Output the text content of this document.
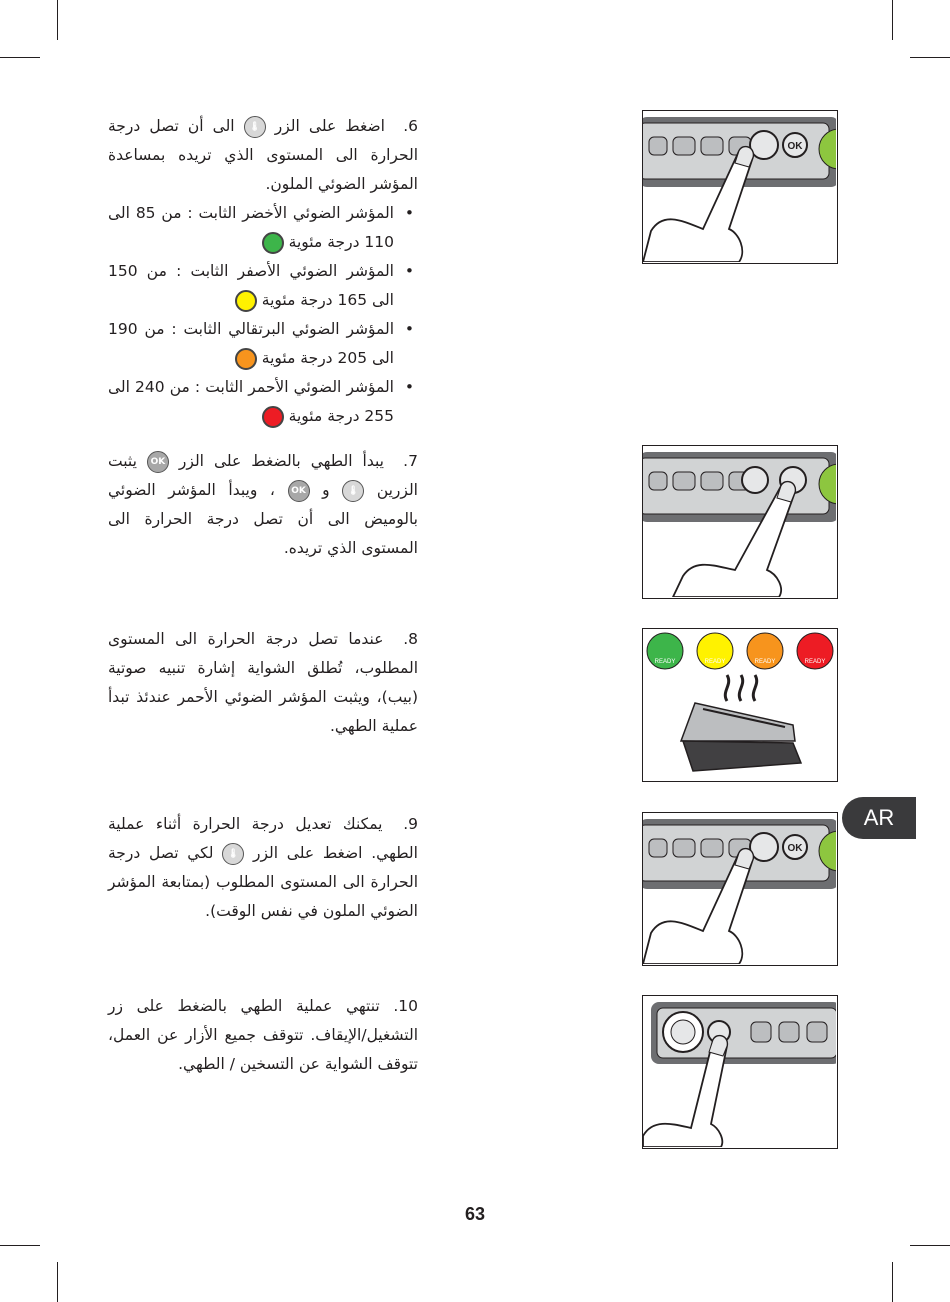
6. اضغط على الزر 🌡 الى أن تصل درجة الحرارة الى المستوى الذي تريده بمساعدة المؤشر الضوئي الملون.

• المؤشر الضوئي الأخضر الثابت : من 85 الى 110 درجة مئوية
• المؤشر الضوئي الأصفر الثابت : من 150 الى 165 درجة مئوية
• المؤشر الضوئي البرتقالي الثابت : من 190 الى 205 درجة مئوية
• المؤشر الضوئي الأحمر الثابت : من 240 الى 255 درجة مئوية

7. يبدأ الطهي بالضغط على الزر OK يثبت الزرين 🌡 و OK ، ويبدأ المؤشر الضوئي بالوميض الى أن تصل درجة الحرارة الى المستوى الذي تريده.

8. عندما تصل درجة الحرارة الى المستوى المطلوب، تُطلق الشواية إشارة تنبيه صوتية (بيب)، ويثبت المؤشر الضوئي الأحمر عندئذ تبدأ عملية الطهي.

9. يمكنك تعديل درجة الحرارة أثناء عملية الطهي. اضغط على الزر 🌡 لكي تصل درجة الحرارة الى المستوى المطلوب (بمتابعة المؤشر الضوئي الملون في نفس الوقت).

10. تنتهي عملية الطهي بالضغط على زر التشغيل/الإيقاف. تتوقف جميع الأزار عن العمل، تتوقف الشواية عن التسخين / الطهي.

OK
READY	READY	READY	READY
OK
AR
63
